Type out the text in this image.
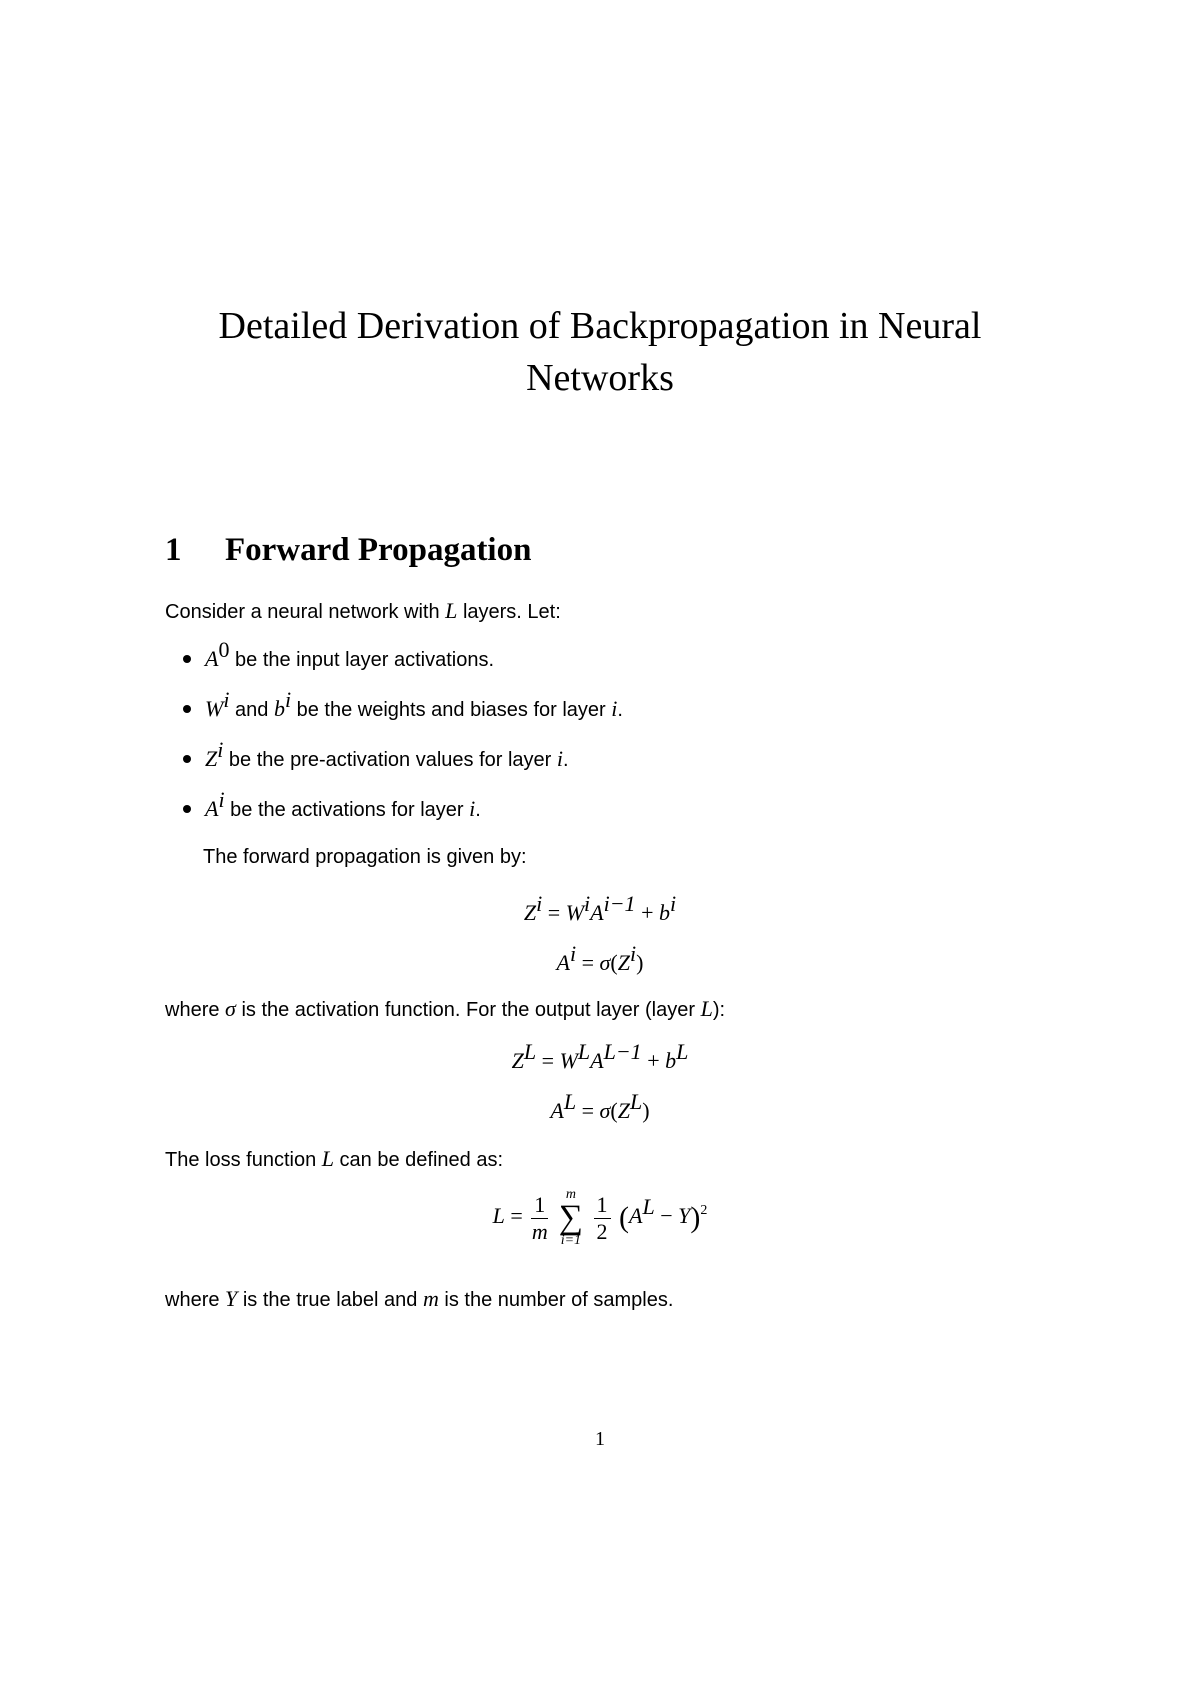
Detailed Derivation of Backpropagation in Neural Networks
1 Forward Propagation
Consider a neural network with L layers. Let:
$A^0$ be the input layer activations.
$W^i$ and $b^i$ be the weights and biases for layer i.
$Z^i$ be the pre-activation values for layer i.
$A^i$ be the activations for layer i.
The forward propagation is given by:
$Z^i = W^iA^{i-1} + b^i$
$A^i = \sigma(Z^i)$
where σ is the activation function. For the output layer (layer L):
$Z^L = W^LA^{L-1} + b^L$
$A^L = \sigma(Z^L)$
The loss function L can be defined as:
$L = \frac{1}{m}$
	m
∑
i=1
$\frac{1}{2} (A^L - Y)^2$
where Y is the true label and m is the number of samples.
1
